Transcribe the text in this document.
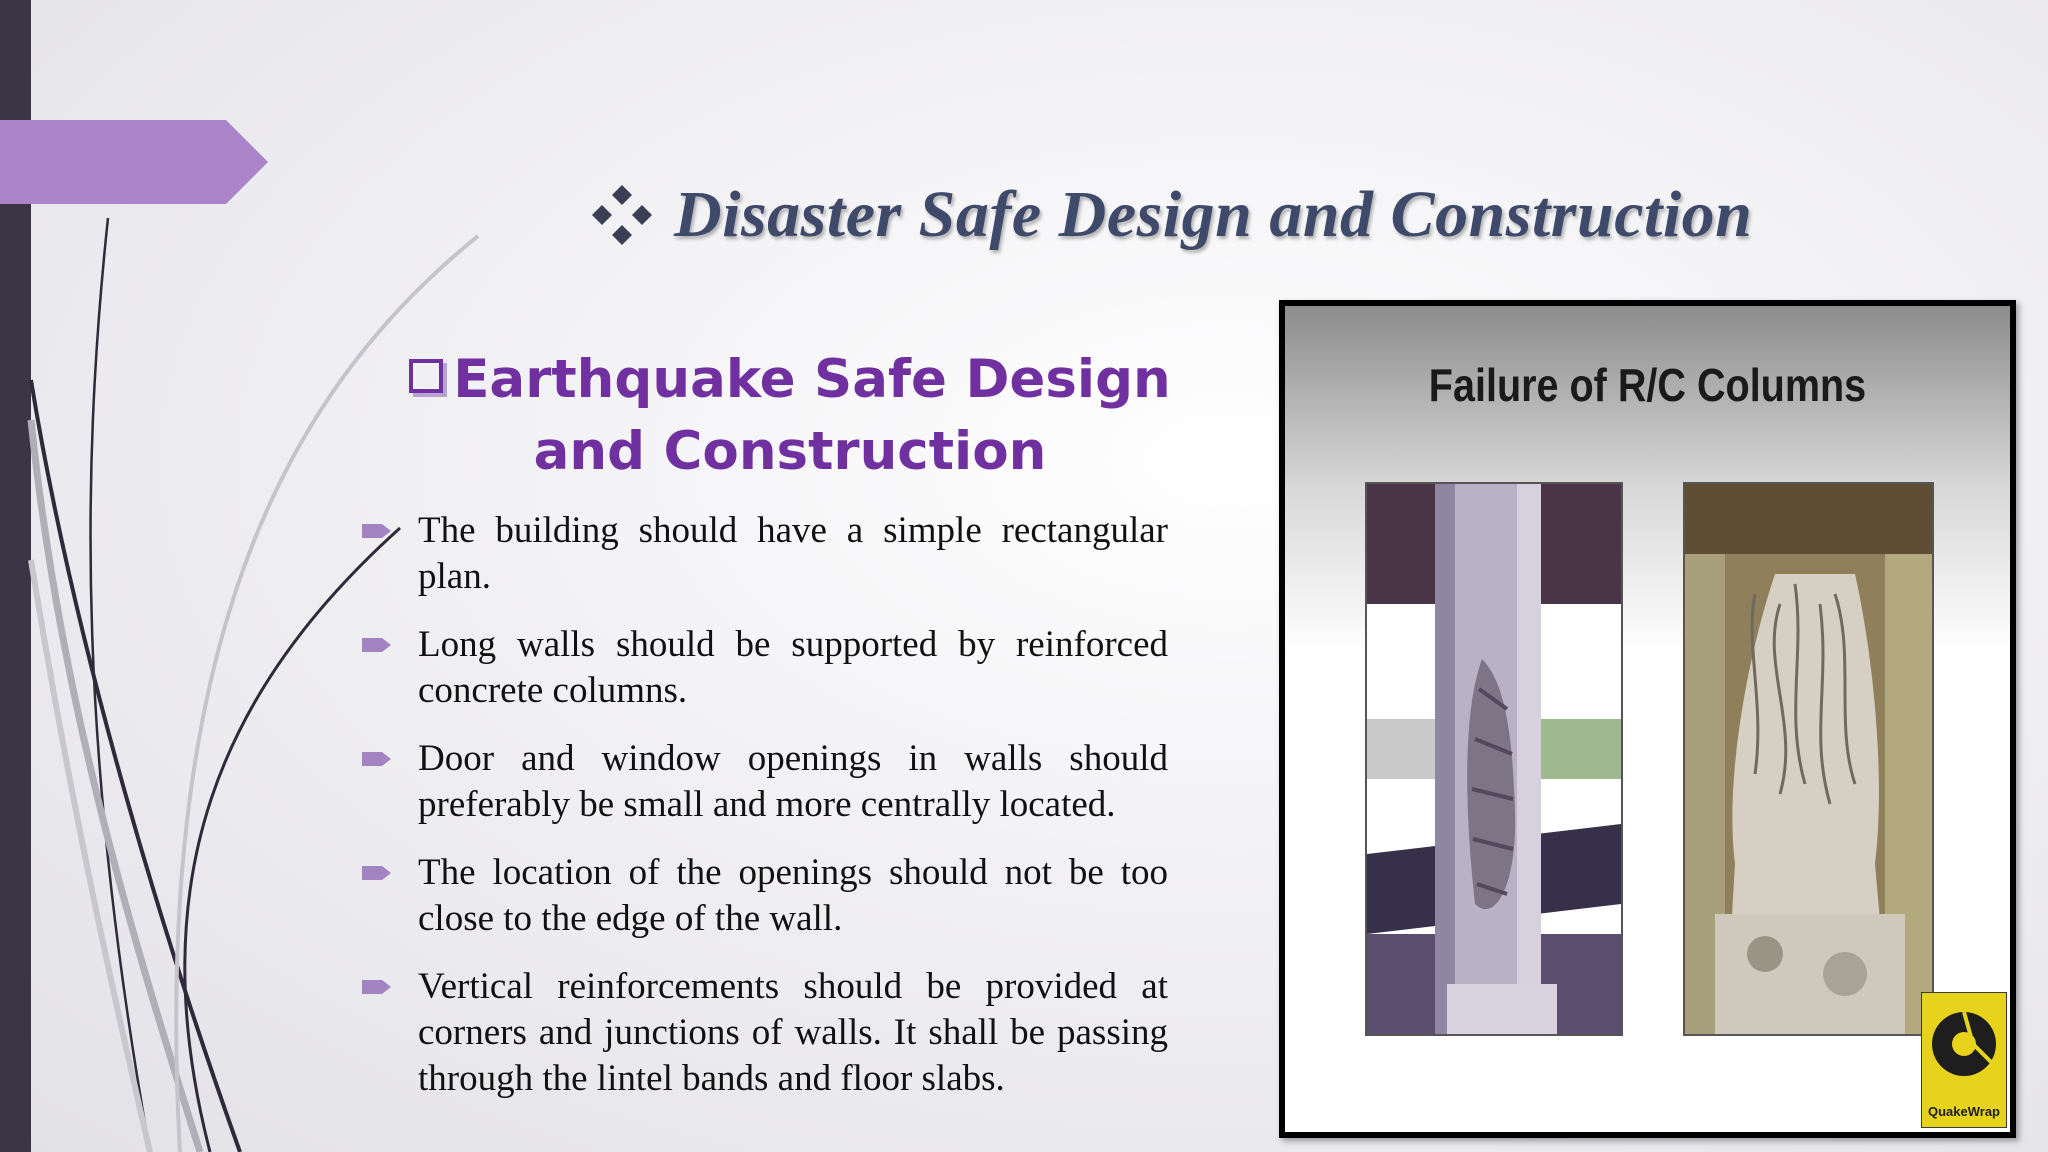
Disaster Safe Design and Construction
Earthquake Safe Design and Construction
The building should have a simple rectangular plan.
Long walls should be supported by reinforced concrete columns.
Door and window openings in walls should preferably be small and more centrally located.
The location of the openings should not be too close to the edge of the wall.
Vertical reinforcements should be provided at corners and junctions of walls. It shall be passing through the lintel bands and floor slabs.
Failure of R/C Columns
QuakeWrap
